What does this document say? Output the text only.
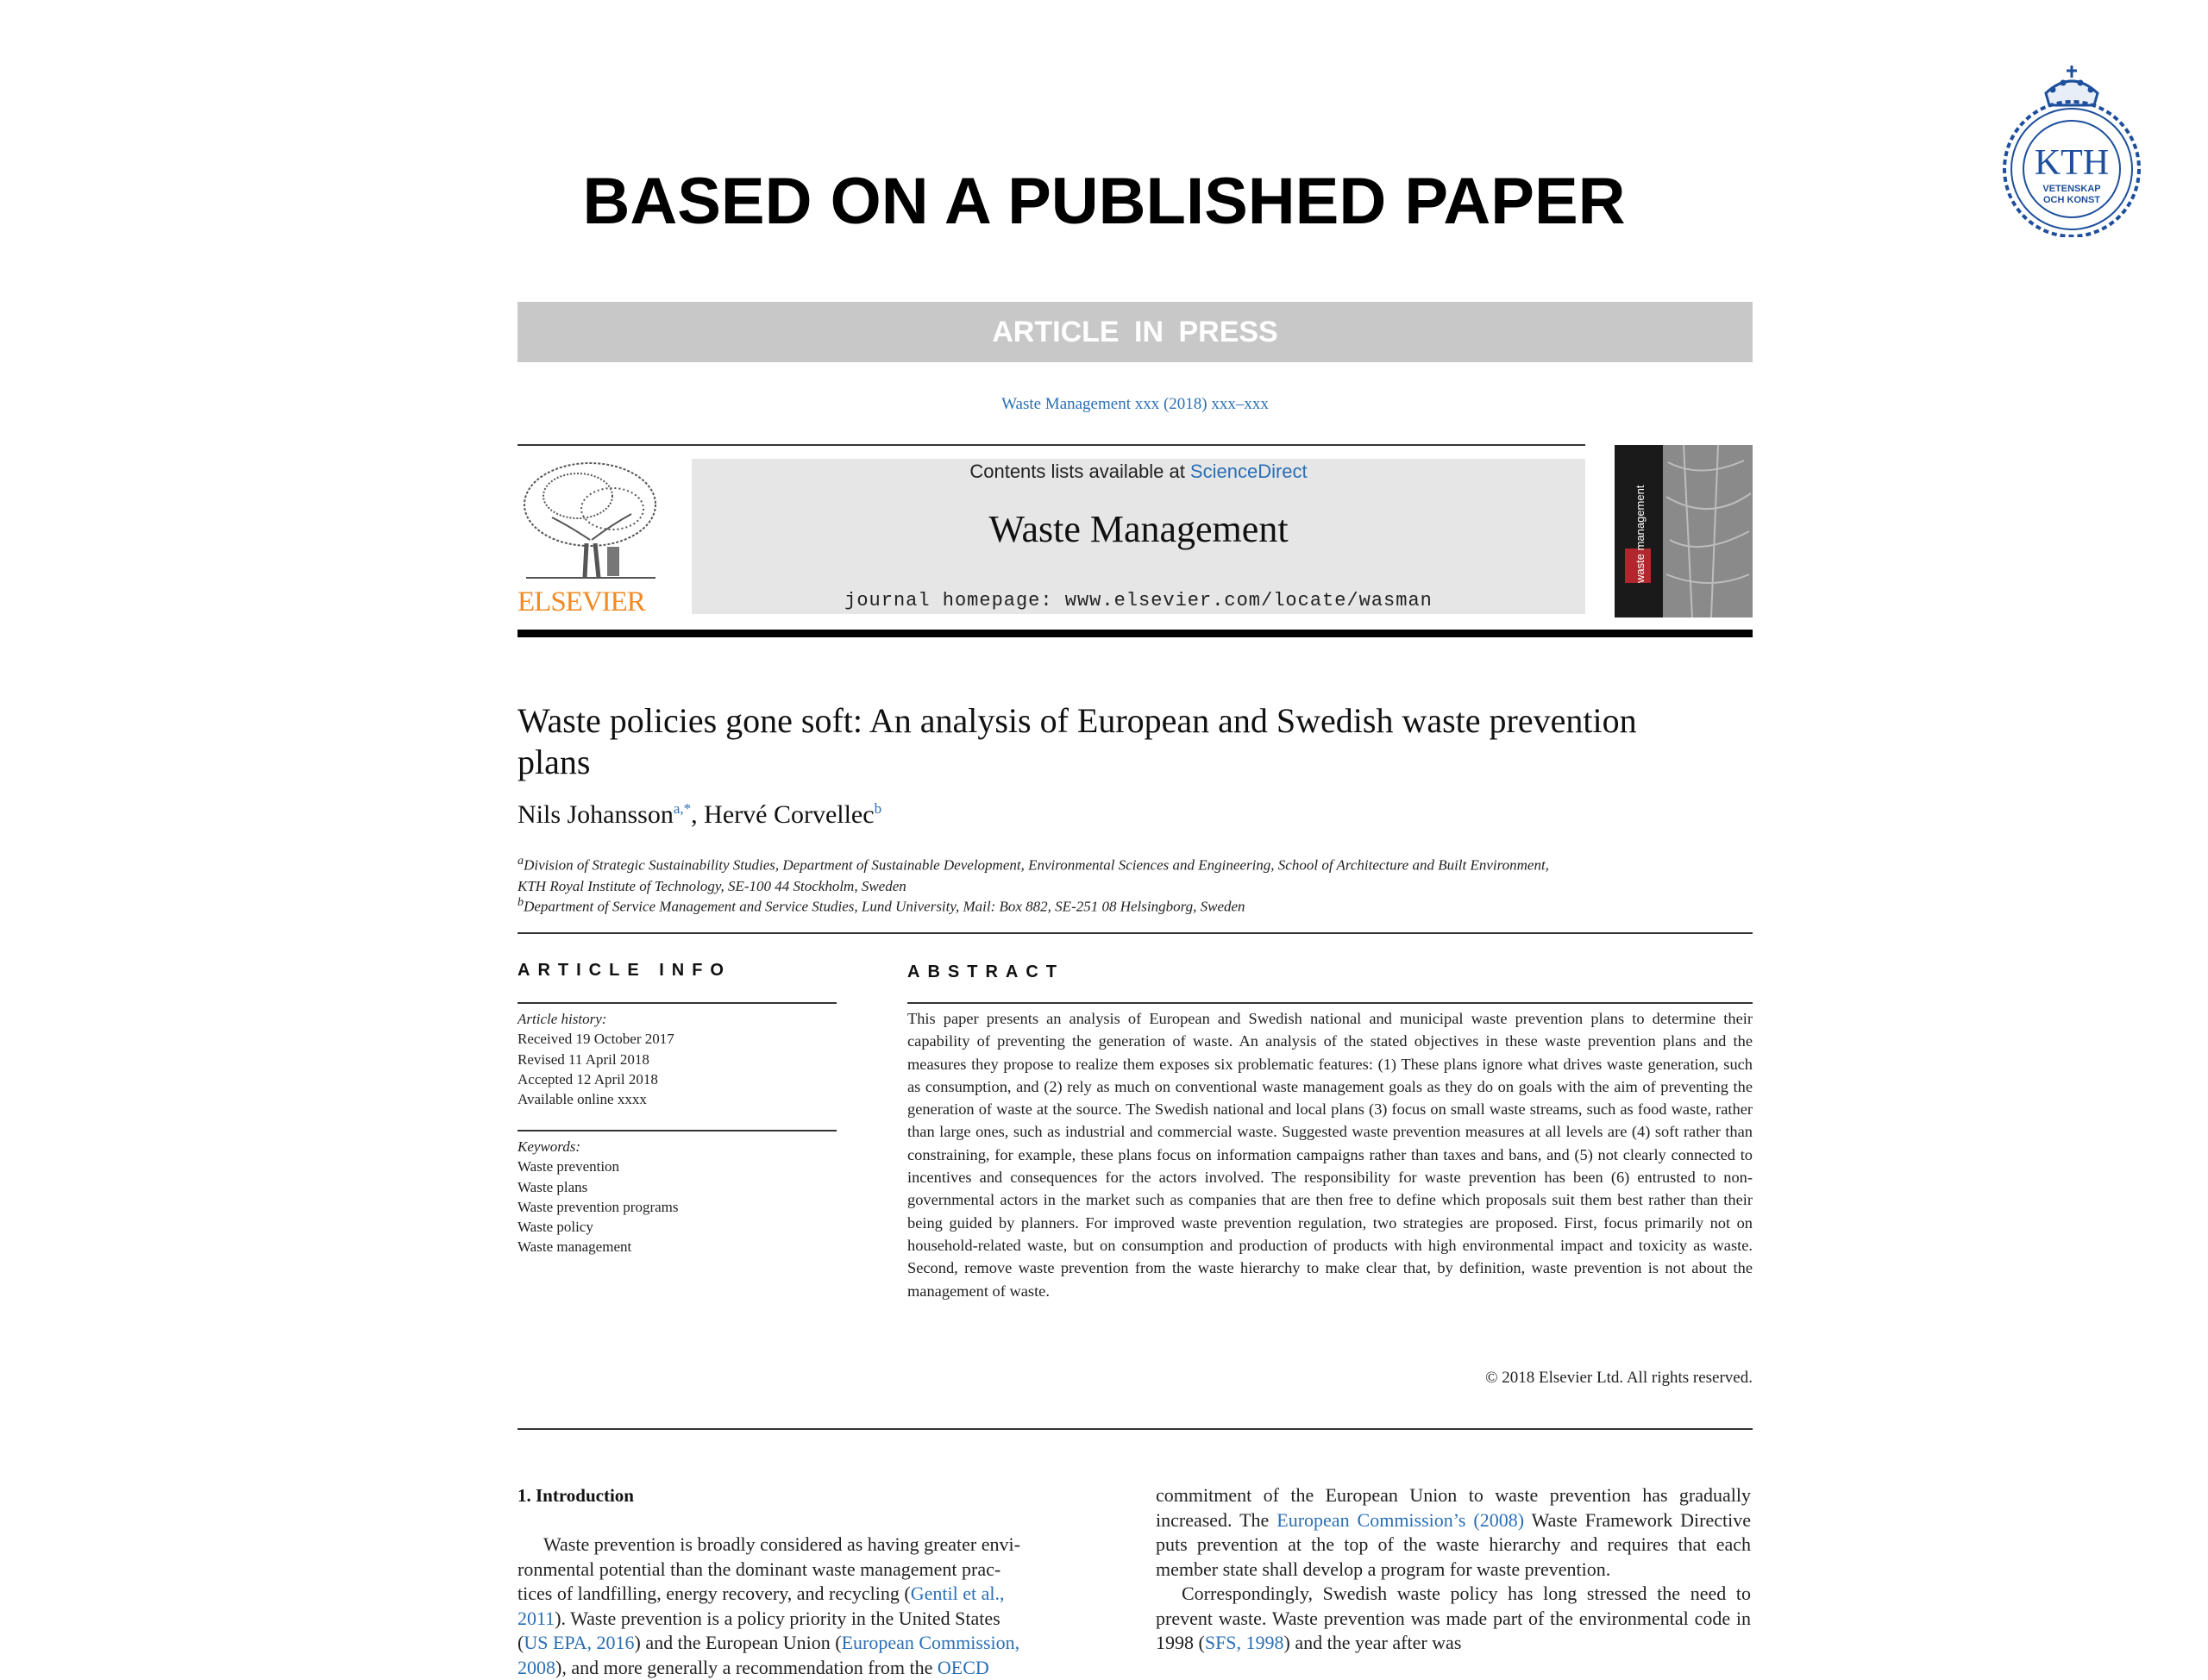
BASED ON A PUBLISHED PAPER
KTH
VETENSKAP
OCH KONST
ARTICLE IN PRESS
Waste Management xxx (2018) xxx–xxx
ELSEVIER
Contents lists available at ScienceDirect
Waste Management
journal homepage: www.elsevier.com/locate/wasman
waste management
Waste policies gone soft: An analysis of European and Swedish waste prevention plans
Nils Johansson$^{a,*}$, Hervé Corvellec$^b$
$^a$Division of Strategic Sustainability Studies, Department of Sustainable Development, Environmental Sciences and Engineering, School of Architecture and Built Environment,
KTH Royal Institute of Technology, SE-100 44 Stockholm, Sweden
$^b$Department of Service Management and Service Studies, Lund University, Mail: Box 882, SE-251 08 Helsingborg, Sweden
ARTICLE INFO	ABSTRACT
Article history:
Received 19 October 2017
Revised 11 April 2018
Accepted 12 April 2018
Available online xxxx
Keywords:
Waste prevention
Waste plans
Waste prevention programs
Waste policy
Waste management
This paper presents an analysis of European and Swedish national and municipal waste prevention plans to determine their capability of preventing the generation of waste. An analysis of the stated objectives in these waste prevention plans and the measures they propose to realize them exposes six problematic features: (1) These plans ignore what drives waste generation, such as consumption, and (2) rely as much on conventional waste management goals as they do on goals with the aim of preventing the generation of waste at the source. The Swedish national and local plans (3) focus on small waste streams, such as food waste, rather than large ones, such as industrial and commercial waste. Suggested waste prevention measures at all levels are (4) soft rather than constraining, for example, these plans focus on information campaigns rather than taxes and bans, and (5) not clearly connected to incentives and consequences for the actors involved. The responsibility for waste prevention has been (6) entrusted to non-governmental actors in the market such as companies that are then free to define which proposals suit them best rather than their being guided by planners. For improved waste prevention regulation, two strategies are proposed. First, focus primarily not on household-related waste, but on consumption and production of products with high environmental impact and toxicity as waste. Second, remove waste prevention from the waste hierarchy to make clear that, by definition, waste prevention is not about the management of waste.
© 2018 Elsevier Ltd. All rights reserved.
1. Introduction
Waste prevention is broadly considered as having greater envi-
ronmental potential than the dominant waste management prac-
tices of landfilling, energy recovery, and recycling (Gentil et al.,
2011). Waste prevention is a policy priority in the United States
(US EPA, 2016) and the European Union (European Commission,
2008), and more generally a recommendation from the OECD
commitment of the European Union to waste prevention has gradually increased. The European Commission’s (2008) Waste Framework Directive puts prevention at the top of the waste hierarchy and requires that each member state shall develop a program for waste prevention.
Correspondingly, Swedish waste policy has long stressed the need to prevent waste. Waste prevention was made part of the environmental code in 1998 (SFS, 1998) and the year after was
